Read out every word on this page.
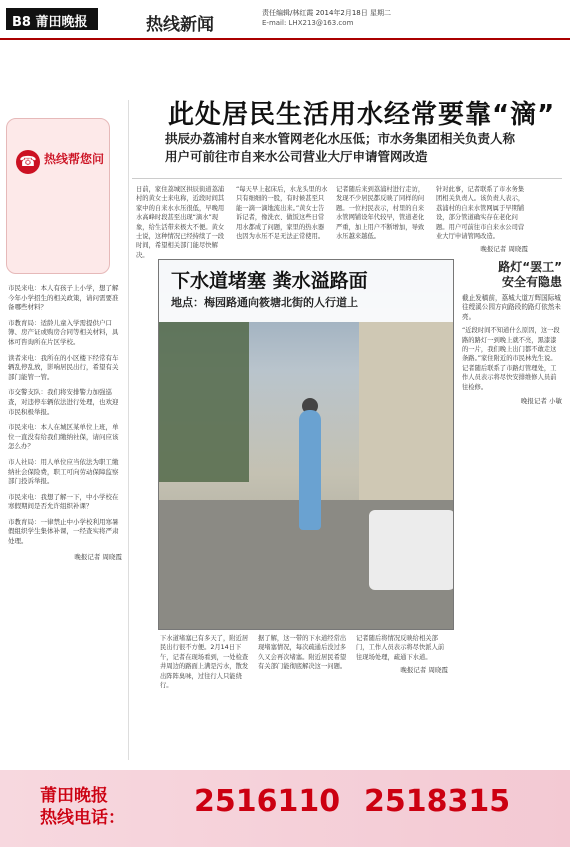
B8 莆田晚报	热线新闻
责任编辑/林红霞 2014年2月18日 星期二
E-mail: LHX213@163.com
☎ 热线帮您问
此处居民生活用水经常要靠“滴”
拱辰办荔浦村自来水管网老化水压低；市水务集团相关负责人称
用户可前往市自来水公司营业大厅申请管网改造
日前，家住荔城区拱辰街道荔浦村的黄女士来电称，近段时间其家中的自来水水压很低，早晚用水高峰时段甚至出现“滴水”现象，给生活带来极大不便。黄女士说，这种情况已经持续了一段时间，希望相关部门能尽快解决。
“每天早上起床后，水龙头里的水只有细细的一股，有时候甚至只能一滴一滴地流出来。”黄女士告诉记者，像洗衣、做饭这些日常用水都成了问题，家里的热水器也因为水压不足无法正常使用。
记者随后来到荔浦村进行走访，发现不少居民都反映了同样的问题。一位村民表示，村里的自来水管网铺设年代较早，管道老化严重，加上用户不断增加，导致水压越来越低。
针对此事，记者联系了市水务集团相关负责人。该负责人表示，荔浦村的自来水管网属于早期铺设，部分管道确实存在老化问题。用户可前往市自来水公司营业大厅申请管网改造。
晚报记者 周晓霞

市民来电：本人有孩子上小学，想了解今年小学招生的相关政策，请问需要准备哪些材料？

市教育局：适龄儿童入学需提供户口簿、房产证或购房合同等相关材料，具体可咨询所在片区学校。

读者来电：我所在的小区楼下经常有车辆乱停乱放，影响居民出行，希望有关部门能管一管。

市交警支队：我们将安排警力加强巡查，对违停车辆依法进行处理，也欢迎市民积极举报。

市民来电：本人在城区某单位上班，单位一直没有给我们缴纳社保，请问应该怎么办？

市人社局：用人单位应当依法为职工缴纳社会保险费，职工可向劳动保障监察部门投诉举报。

市民来电：我想了解一下，中小学校在寒假期间是否允许组织补课？

市教育局：一律禁止中小学校利用寒暑假组织学生集体补课，一经查实将严肃处理。

晚报记者 周晓霞

下水道堵塞 粪水溢路面
地点：梅园路通向筱塘北街的人行道上
下水道堵塞已有多天了，附近居民出行很不方便。2月14日下午，记者在现场看到，一处检查井周边的路面上满是污水，散发出阵阵臭味，过往行人只能绕行。
据了解，这一带的下水道经常出现堵塞情况，每次疏通后没过多久又会再次堵塞。附近居民希望有关部门能彻底解决这一问题。
记者随后将情况反映给相关部门，工作人员表示将尽快派人前往现场处理，疏通下水道。
晚报记者 周晓霞
路灯“罢工”
安全有隐患
截止发稿前，荔城大道万辉国际城往绶溪公园方向路段的路灯依然未亮。
“近段时间不知道什么原因，这一段路的路灯一到晚上就不亮，黑漆漆的一片，我们晚上出门都不敢走这条路。”家住附近的市民林先生说。记者随后联系了市路灯管理处，工作人员表示将尽快安排维修人员前往检修。
晚报记者 小敏
莆田晚报
热线电话： 2516110 2518315
